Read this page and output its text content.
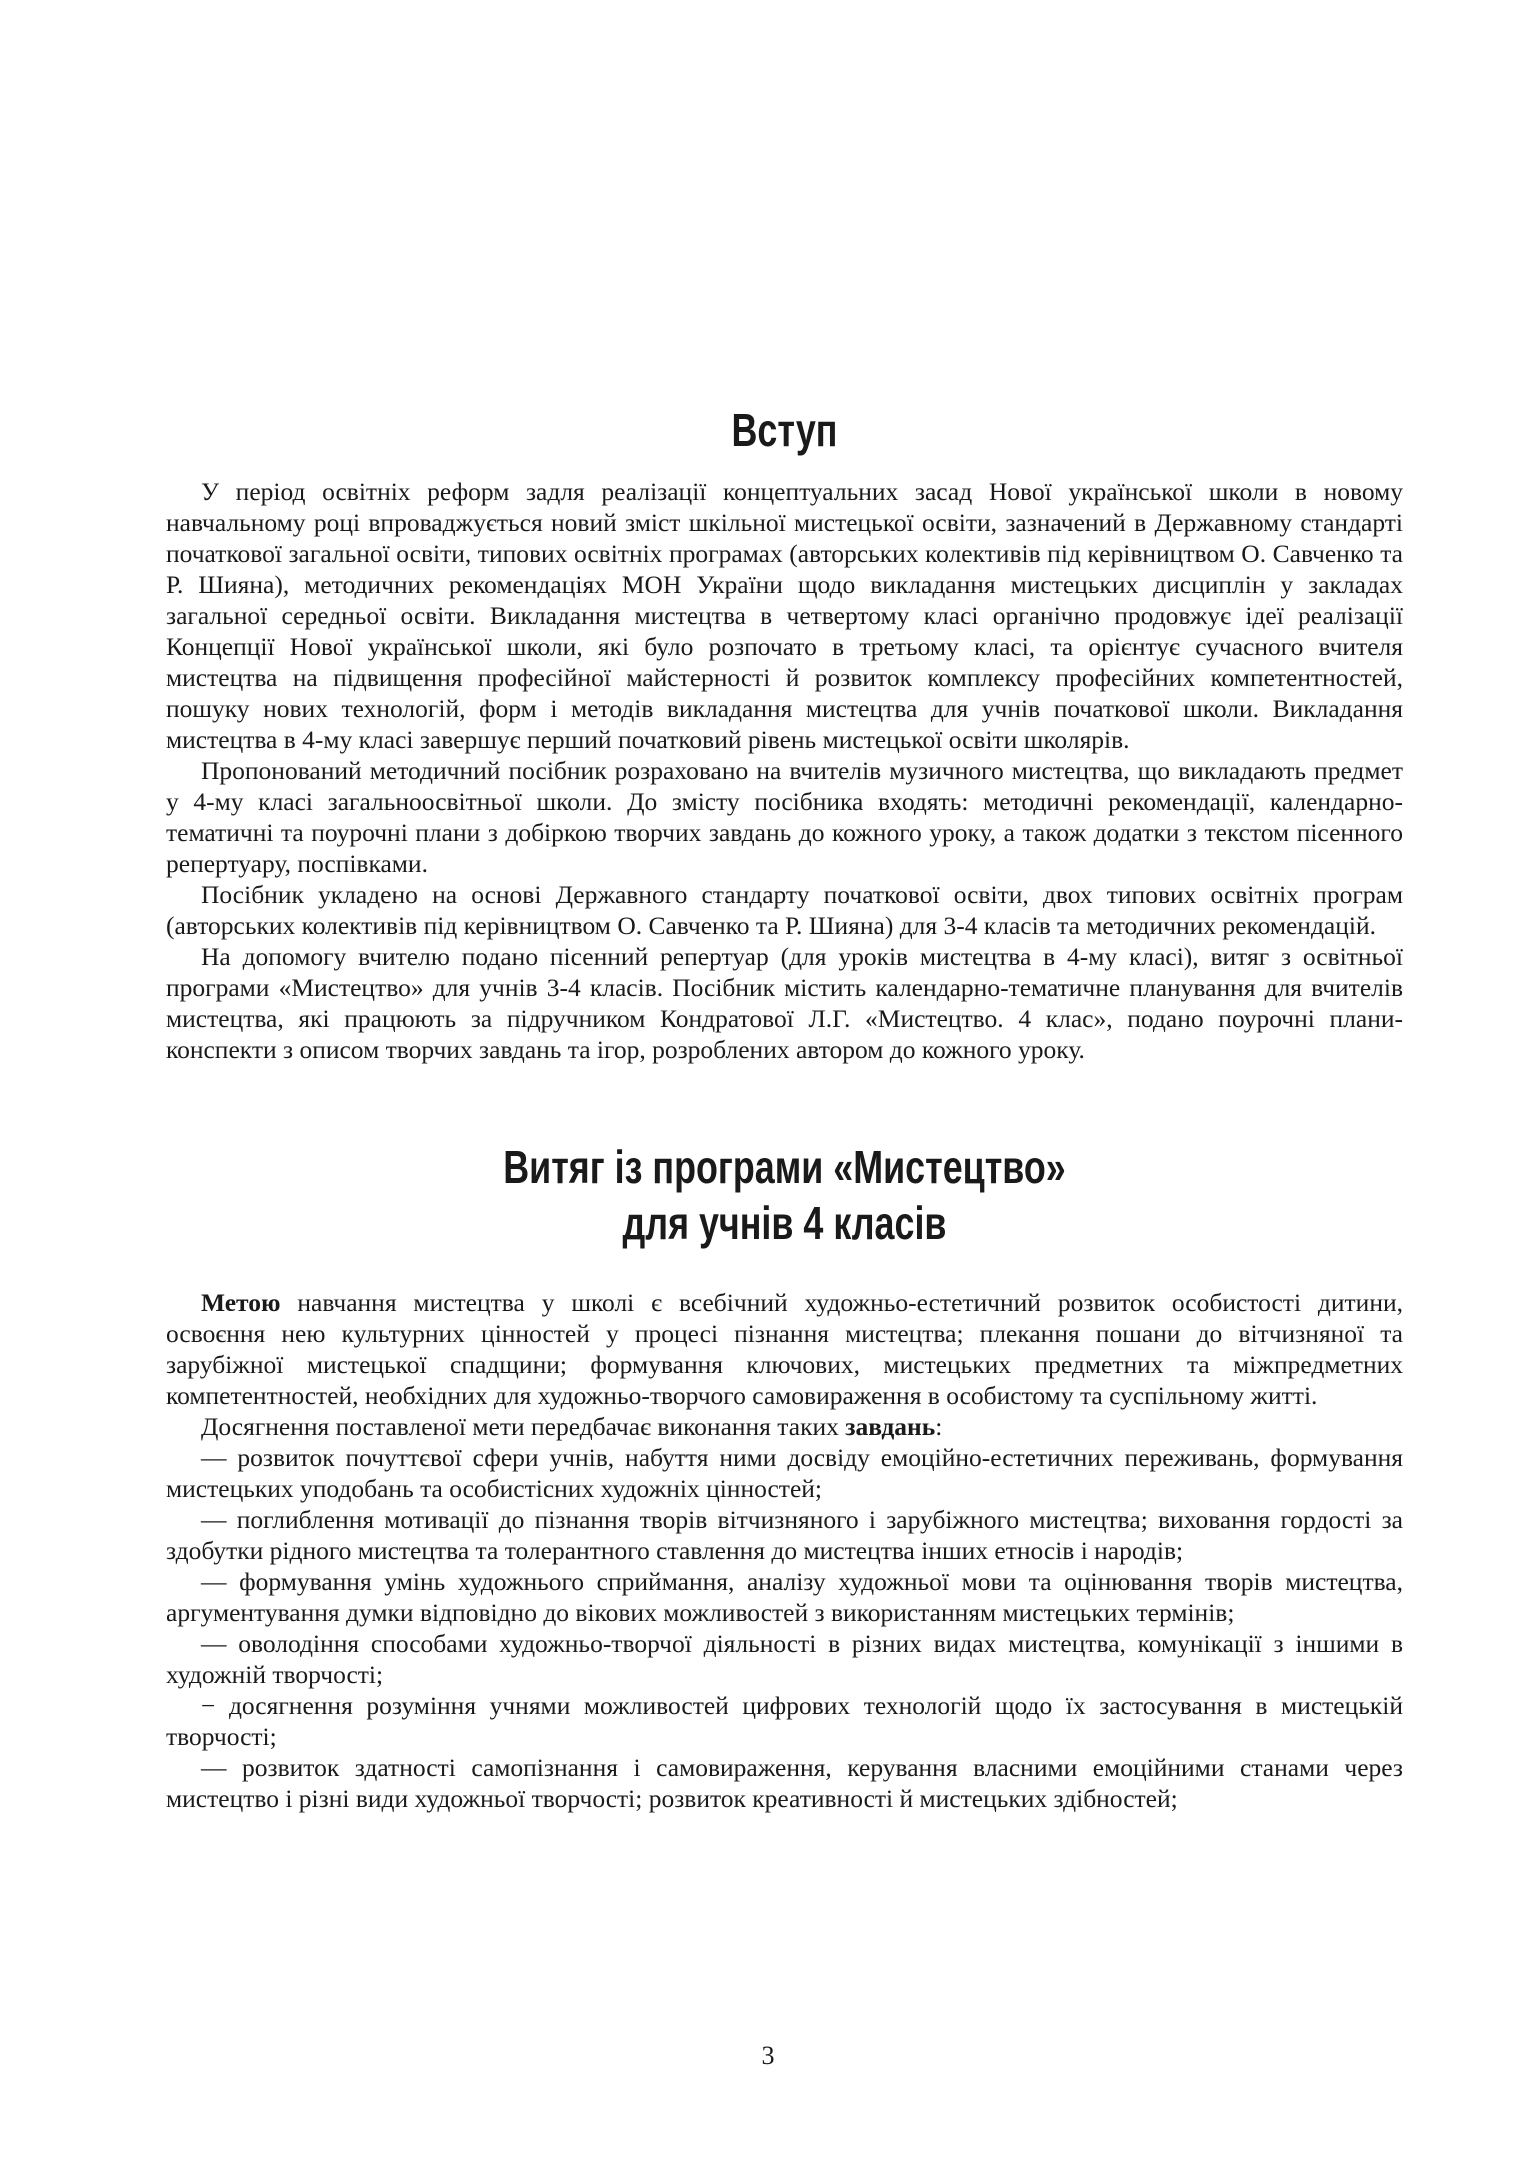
Вступ

У період освітніх реформ задля реалізації концептуальних засад Нової української школи в новому навчальному році впроваджується новий зміст шкільної мистецької освіти, зазначений в Державному стандарті початкової загальної освіти, типових освітніх програмах (авторських колективів під керівництвом О. Савченко та Р. Шияна), методичних рекомендаціях МОН України щодо викладання мистецьких дисциплін у закладах загальної середньої освіти. Викладання мистецтва в четвертому класі органічно продовжує ідеї реалізації Концепції Нової української школи, які було розпочато в третьому класі, та орієнтує сучасного вчителя мистецтва на підвищення професійної майстерності й розвиток комплексу професійних компетентностей, пошуку нових технологій, форм і методів викладання мистецтва для учнів початкової школи. Викладання мистецтва в 4-му класі завершує перший початковий рівень мистецької освіти школярів.

Пропонований методичний посібник розраховано на вчителів музичного мистецтва, що викладають предмет у 4-му класі загальноосвітньої школи. До змісту посібника входять: методичні рекомендації, календарно-тематичні та поурочні плани з добіркою творчих завдань до кожного уроку, а також додатки з текстом пісенного репертуару, поспівками.

Посібник укладено на основі Державного стандарту початкової освіти, двох типових освітніх програм (авторських колективів під керівництвом О. Савченко та Р. Шияна) для 3-4 класів та методичних рекомендацій.

На допомогу вчителю подано пісенний репертуар (для уроків мистецтва в 4-му класі), витяг з освітньої програми «Мистецтво» для учнів 3-4 класів. Посібник містить календарно-тематичне планування для вчителів мистецтва, які працюють за підручником Кондратової Л.Г. «Мистецтво. 4 клас», подано поурочні плани-конспекти з описом творчих завдань та ігор, розроблених автором до кожного уроку.

Витяг із програми «Мистецтво»
для учнів 4 класів

Метою навчання мистецтва у школі є всебічний художньо-естетичний розвиток особистості дитини, освоєння нею культурних цінностей у процесі пізнання мистецтва; плекання пошани до вітчизняної та зарубіжної мистецької спадщини; формування ключових, мистецьких предметних та міжпредметних компетентностей, необхідних для художньо-творчого самовираження в особистому та суспільному житті.

Досягнення поставленої мети передбачає виконання таких завдань:

— розвиток почуттєвої сфери учнів, набуття ними досвіду емоційно-естетичних переживань, формування мистецьких уподобань та особистісних художніх цінностей;

— поглиблення мотивації до пізнання творів вітчизняного і зарубіжного мистецтва; виховання гордості за здобутки рідного мистецтва та толерантного ставлення до мистецтва інших етносів і народів;

— формування умінь художнього сприймання, аналізу художньої мови та оцінювання творів мистецтва, аргументування думки відповідно до вікових можливостей з використанням мистецьких термінів;

— оволодіння способами художньо-творчої діяльності в різних видах мистецтва, комунікації з іншими в художній творчості;

− досягнення розуміння учнями можливостей цифрових технологій щодо їх застосування в мистецькій творчості;

— розвиток здатності самопізнання і самовираження, керування власними емоційними станами через мистецтво і різні види художньої творчості; розвиток креативності й мистецьких здібностей;

3
